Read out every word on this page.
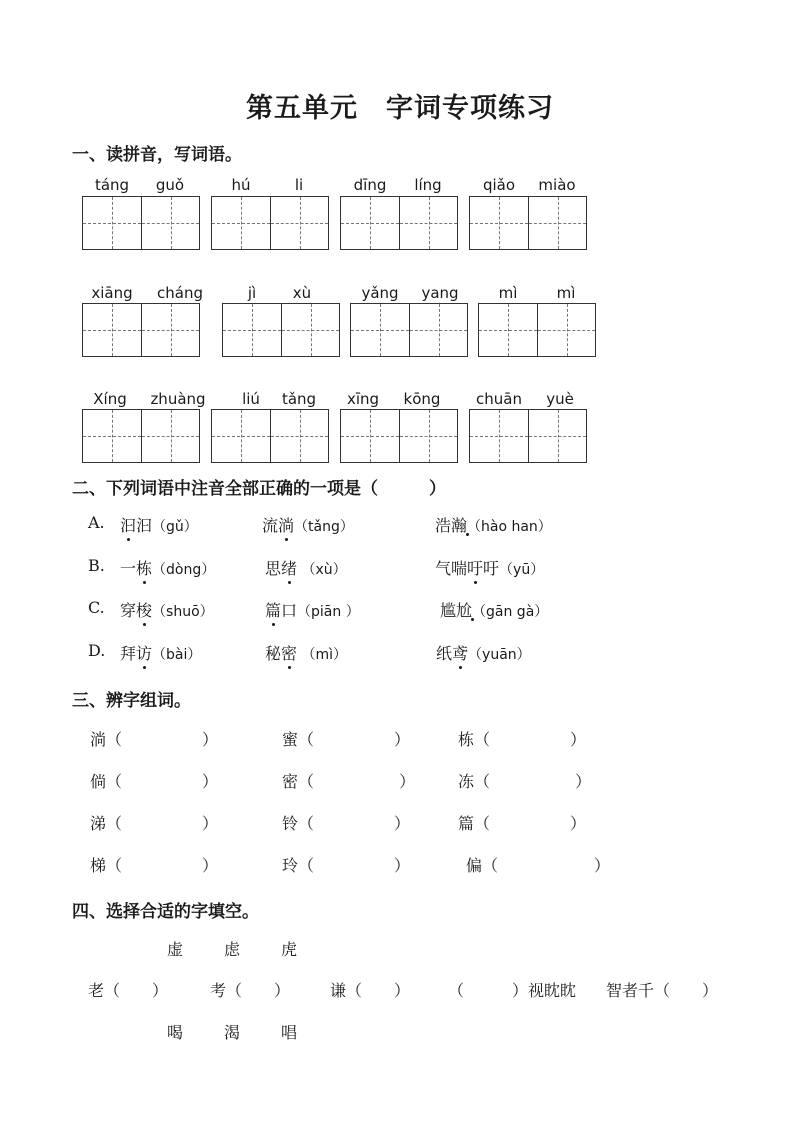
第五单元　字词专项练习
一、读拼音，写词语。
táng	guǒ	hú	li	dīng	líng	qiǎo	miào
xiāng	cháng	jì	xù	yǎng	yang	mì	mì
Xíng	zhuàng	liú	tǎng	xīng	kōng	chuān	yuè
二、下列词语中注音全部正确的一项是（　　　）
A. 汩汩（gǔ）	流淌（tǎng）	浩瀚（hào han）
B. 一栋（dòng）	思绪 （xù）	气喘吁吁（yū）
C. 穿梭（shuō）	篇口（piān ）	尴尬（gān gà）
D. 拜访（bài）	秘密 （mì）	纸鸢（yuān）
三、辨字组词。
淌（　　　　　）	蜜（　　　　　）	栋（　　　　　）
倘（　　　　　）	密（　　　　　 ）	冻（　　　　　 ）
涕（　　　　　）	铃（　　　　　）	篇（　　　　　）
梯（　　　　　）	玲（　　　　　）	偏（　　　　　　）
四、选择合适的字填空。
虚	虑	虎
老（　　）	考（　　） 谦（　　） （　　　）视眈眈 智者千（　　）
喝	渴	唱
